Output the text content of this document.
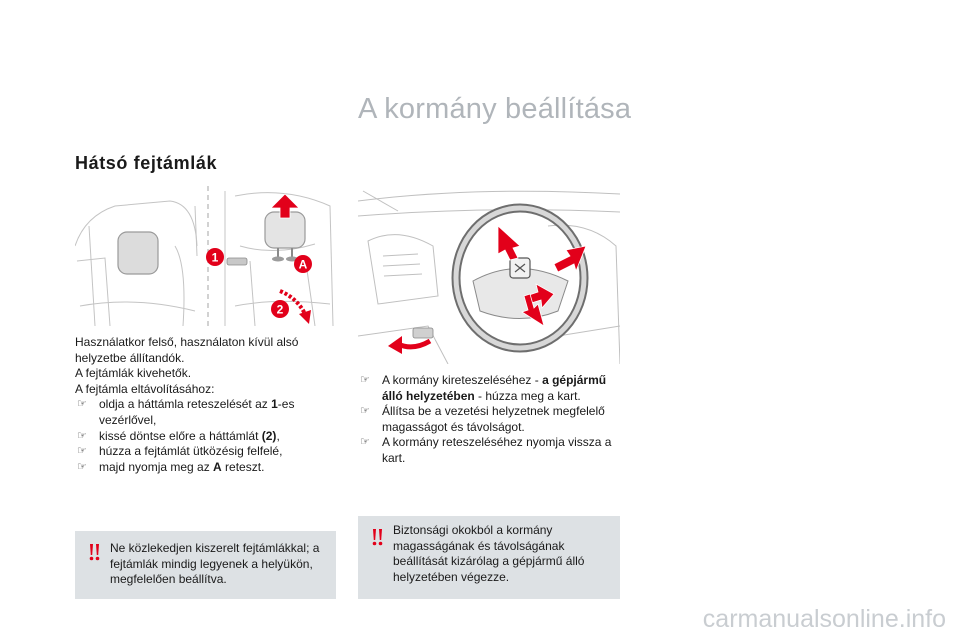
A kormány beállítása
Hátsó fejtámlák
1	A
2
Használatkor felső, használaton kívül alsó helyzetbe állítandók.
A fejtámlák kivehetők.
A fejtámla eltávolításához:
☞ oldja a háttámla reteszelését az 1-es vezérlővel,
☞ kissé döntse előre a háttámlát (2),
☞ húzza a fejtámlát ütközésig felfelé,
☞ majd nyomja meg az A reteszt.
☞ A kormány kireteszeléséhez - a gépjármű álló helyzetében - húzza meg a kart.
☞ Állítsa be a vezetési helyzetnek megfelelő magasságot és távolságot.
☞ A kormány reteszeléséhez nyomja vissza a kart.
Ne közlekedjen kiszerelt fejtámlákkal; a fejtámlák mindig legyenek a helyükön, megfelelően beállítva.
Biztonsági okokból a kormány magasságának és távolságának beállítását kizárólag a gépjármű álló helyzetében végezze.
carmanualsonline.info
